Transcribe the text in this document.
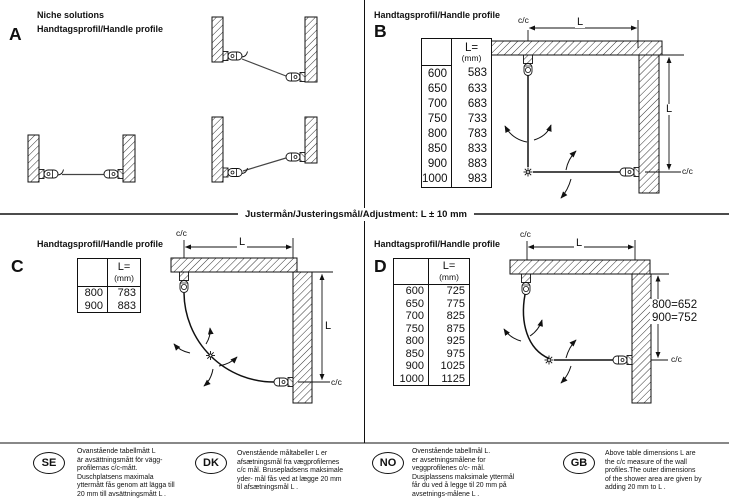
Niche solutions
Handtagsprofil/Handle profile
A
Handtagsprofil/Handle profile
B

	L=
(mm)

600	583
650	633
700	683
750	733
800	783
850	833
900	883
1000	983
c/c	L
L
c/c
Justermån/Justeringsmål/Adjustment: L ± 10 mm
Handtagsprofil/Handle profile
C

	L=
(mm)

800	783
900	883
c/c
L
L
c/c
Handtagsprofil/Handle profile
D

	L=
(mm)

600	725
650	775
700	825
750	875
800	925
850	975
900	1025
1000	1125
c/c
L
800=652
900=752
c/c
SE
Ovanstående tabellmått L
är avsättningsmått för vägg-
profilernas c/c-mått.
Duschplatsens maximala
yttermått fås genom att lägga till
20 mm till avsättningsmått L .
DK
Ovenstående måltabeller L er
afsætningsmål fra vægprofilernes
c/c mål. Brusepladsens maksimale
yder- mål fås ved at lægge 20 mm
til afsætningsmål L .
NO
Ovenstående tabellmål L.
er avsetningsmålene for
veggprofilenes c/c- mål.
Dusjplassens maksimale yttermål
får du ved å legge til 20 mm på
avsetnings-målene L .
GB
Above table dimensions L are
the c/c measure of the wall
profiles.The outer dimensions
of the shower area are given by
adding 20 mm to L .
